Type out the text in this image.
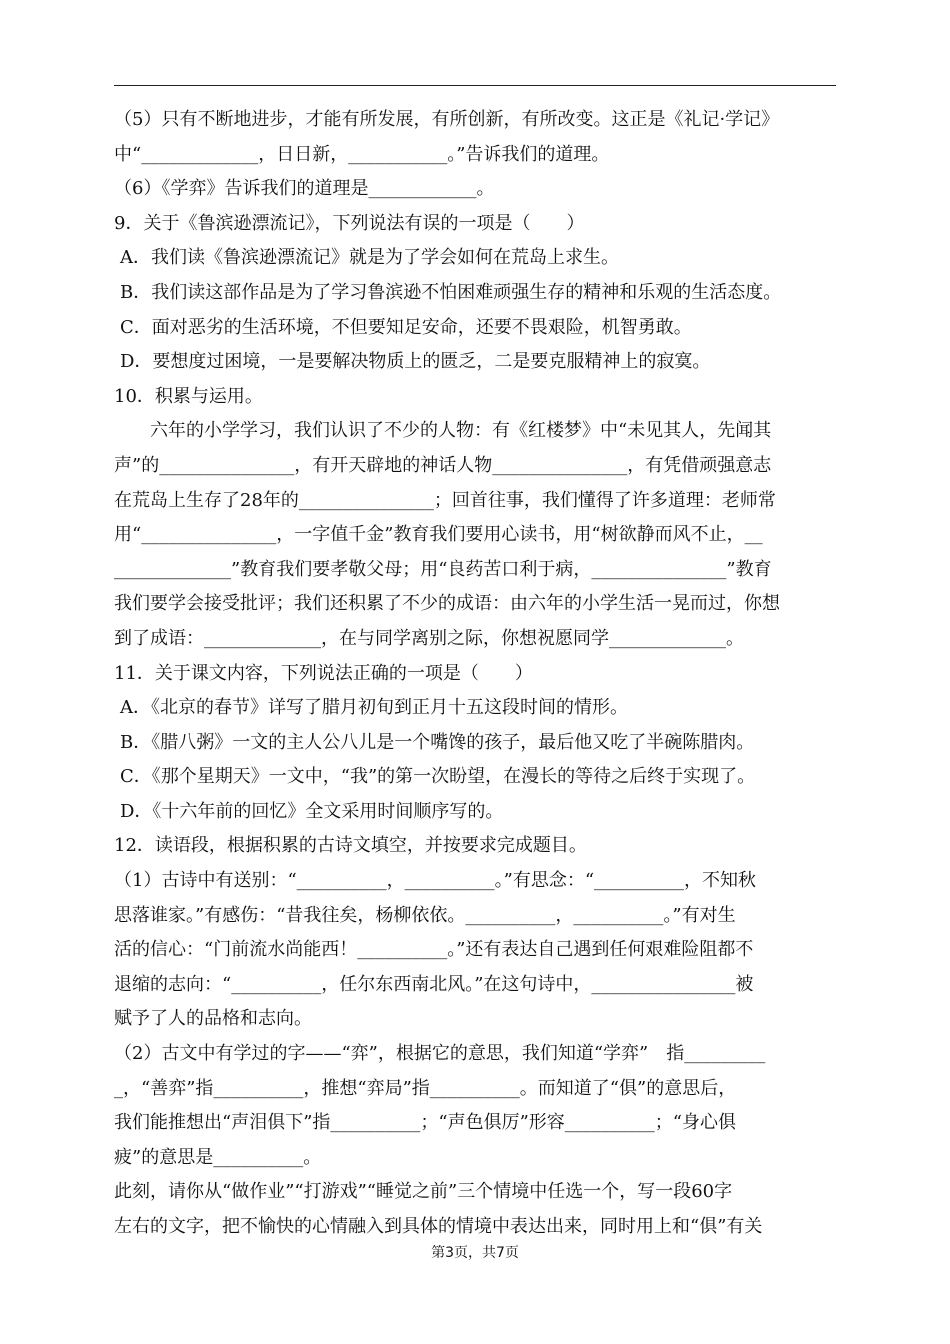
（5）只有不断地进步，才能有所发展，有所创新，有所改变。这正是《礼记·学记》
中“_____________，日日新，___________。”告诉我们的道理。
（6）《学弈》告诉我们的道理是____________。
9．关于《鲁滨逊漂流记》，下列说法有误的一项是（　　）
A．我们读《鲁滨逊漂流记》就是为了学会如何在荒岛上求生。
B．我们读这部作品是为了学习鲁滨逊不怕困难顽强生存的精神和乐观的生活态度。
C．面对恶劣的生活环境，不但要知足安命，还要不畏艰险，机智勇敢。
D．要想度过困境，一是要解决物质上的匮乏，二是要克服精神上的寂寞。
10．积累与运用。
　　六年的小学学习，我们认识了不少的人物：有《红楼梦》中“未见其人，先闻其
声”的_______________，有开天辟地的神话人物_______________，有凭借顽强意志
在荒岛上生存了28年的_______________；回首往事，我们懂得了许多道理：老师常
用“_______________，一字值千金”教育我们要用心读书，用“树欲静而风不止，__
_____________”教育我们要孝敬父母；用“良药苦口利于病，_______________”教育
我们要学会接受批评；我们还积累了不少的成语：由六年的小学生活一晃而过，你想
到了成语：_____________，在与同学离别之际，你想祝愿同学_____________。
11．关于课文内容，下列说法正确的一项是（　　）
A．《北京的春节》详写了腊月初旬到正月十五这段时间的情形。
B．《腊八粥》一文的主人公八儿是一个嘴馋的孩子，最后他又吃了半碗陈腊肉。
C．《那个星期天》一文中，“我”的第一次盼望，在漫长的等待之后终于实现了。
D．《十六年前的回忆》全文采用时间顺序写的。
12．读语段，根据积累的古诗文填空，并按要求完成题目。
（1）古诗中有送别：“__________，__________。”有思念：“__________，不知秋
思落谁家。”有感伤：“昔我往矣，杨柳依依。__________，__________。”有对生
活的信心：“门前流水尚能西！__________。”还有表达自己遇到任何艰难险阻都不
退缩的志向：“__________，任尔东西南北风。”在这句诗中，________________被
赋予了人的品格和志向。
（2）古文中有学过的字——“弈”，根据它的意思，我们知道“学弈”　指_________
_，“善弈”指__________，推想“弈局”指__________。而知道了“俱”的意思后，
我们能推想出“声泪俱下”指__________；“声色俱厉”形容__________；“身心俱
疲”的意思是__________。
此刻，请你从“做作业”“打游戏”“睡觉之前”三个情境中任选一个，写一段60字
左右的文字，把不愉快的心情融入到具体的情境中表达出来，同时用上和“俱”有关
第3页，共7页
